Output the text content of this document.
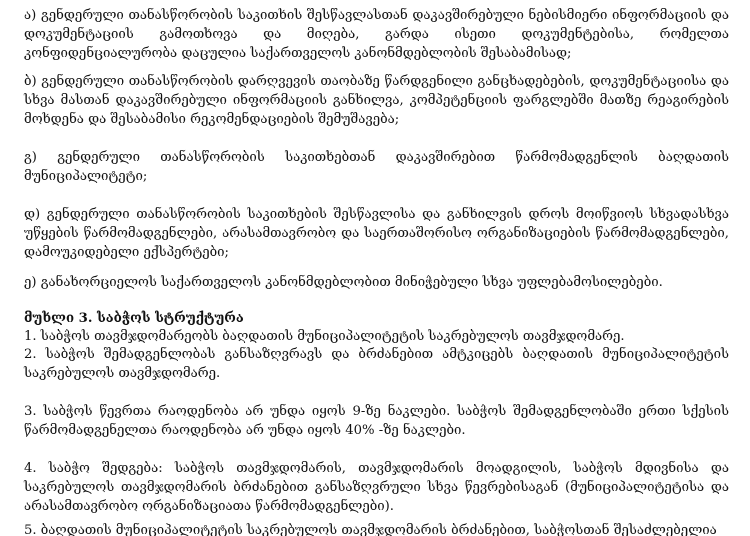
ა) გენდერული თანასწორობის საკითხის შესწავლასთან დაკავშირებული ნებისმიერი ინფორმაციის და დოკუმენტაციის გამოთხოვა და მიღება, გარდა ისეთი დოკუმენტებისა, რომელთა კონფიდენციალურობა დაცულია საქართველოს კანონმდებლობის შესაბამისად;

ბ) გენდერული თანასწორობის დარღვევის თაობაზე წარდგენილი განცხადებების, დოკუმენტაციისა და სხვა მასთან დაკავშირებული ინფორმაციის განხილვა, კომპეტენციის ფარგლებში მათზე რეაგირების მოხდენა და შესაბამისი რეკომენდაციების შემუშავება;

გ) გენდერული თანასწორობის საკითხებთან დაკავშირებით წარმომადგენლის ბაღდათის მუნიციპალიტეტი;

დ) გენდერული თანასწორობის საკითხების შესწავლისა და განხილვის დროს მოიწვიოს სხვადასხვა უწყების წარმომადგენლები, არასამთავრობო და საერთაშორისო ორგანიზაციების წარმომადგენლები, დამოუკიდებელი ექსპერტები;

ე) განახორციელოს საქართველოს კანონმდებლობით მინიჭებული სხვა უფლებამოსილებები.

მუხლი 3. საბჭოს სტრუქტურა

1. საბჭოს თავმჯდომარეობს ბაღდათის მუნიციპალიტეტის საკრებულოს თავმჯდომარე.

2. საბჭოს შემადგენლობას განსაზღვრავს და ბრძანებით ამტკიცებს ბაღდათის მუნიციპალიტეტის საკრებულოს თავმჯდომარე.

3. საბჭოს წევრთა რაოდენობა არ უნდა იყოს 9-ზე ნაკლები. საბჭოს შემადგენლობაში ერთი სქესის წარმომადგენელთა რაოდენობა არ უნდა იყოს 40% -ზე ნაკლები.

4. საბჭო შედგება: საბჭოს თავმჯდომარის, თავმჯდომარის მოადგილის, საბჭოს მდივნისა და საკრებულოს თავმჯდომარის ბრძანებით განსაზღვრული სხვა წევრებისაგან (მუნიციპალიტეტისა და არასამთავრობო ორგანიზაციათა წარმომადგენლები).

5. ბაღდათის მუნიციპალიტეტის საკრებულოს თავმჯდომარის ბრძანებით, საბჭოსთან შესაძლებელია
